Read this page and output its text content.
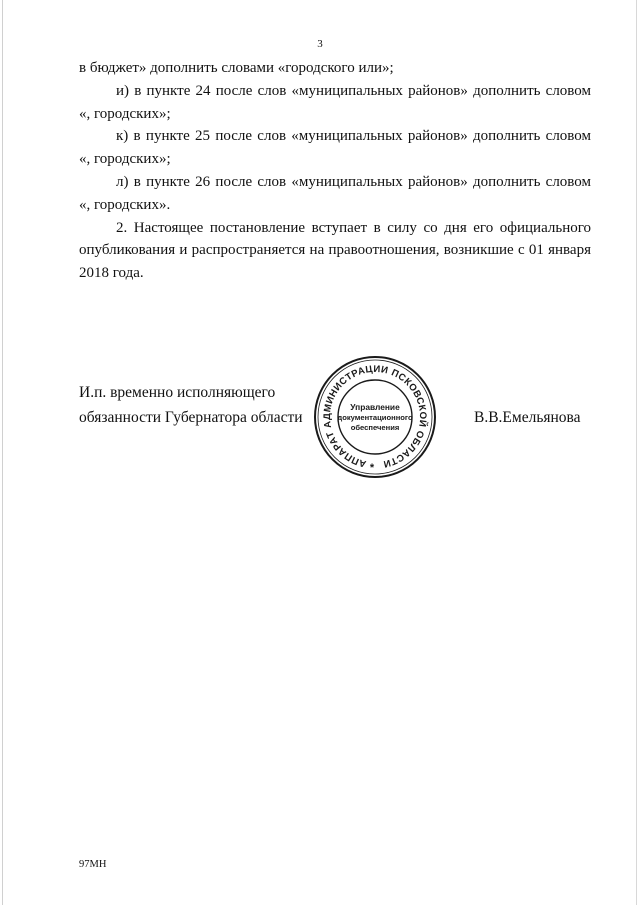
3

в бюджет» дополнить словами «городского или»;

и) в пункте 24 после слов «муниципальных районов» дополнить словом «, городских»;

к) в пункте 25 после слов «муниципальных районов» дополнить словом «, городских»;

л) в пункте 26 после слов «муниципальных районов» дополнить словом «, городских».

2. Настоящее постановление вступает в силу со дня его официального опубликования и распространяется на правоотношения, возникшие с 01 января 2018 года.

И.п. временно исполняющего
обязанности Губернатора области
АППАРАТ АДМИНИСТРАЦИИ ПСКОВСКОЙ ОБЛАСТИ
Управление
документационного
обеспечения
*
В.В.Емельянова
97МН
